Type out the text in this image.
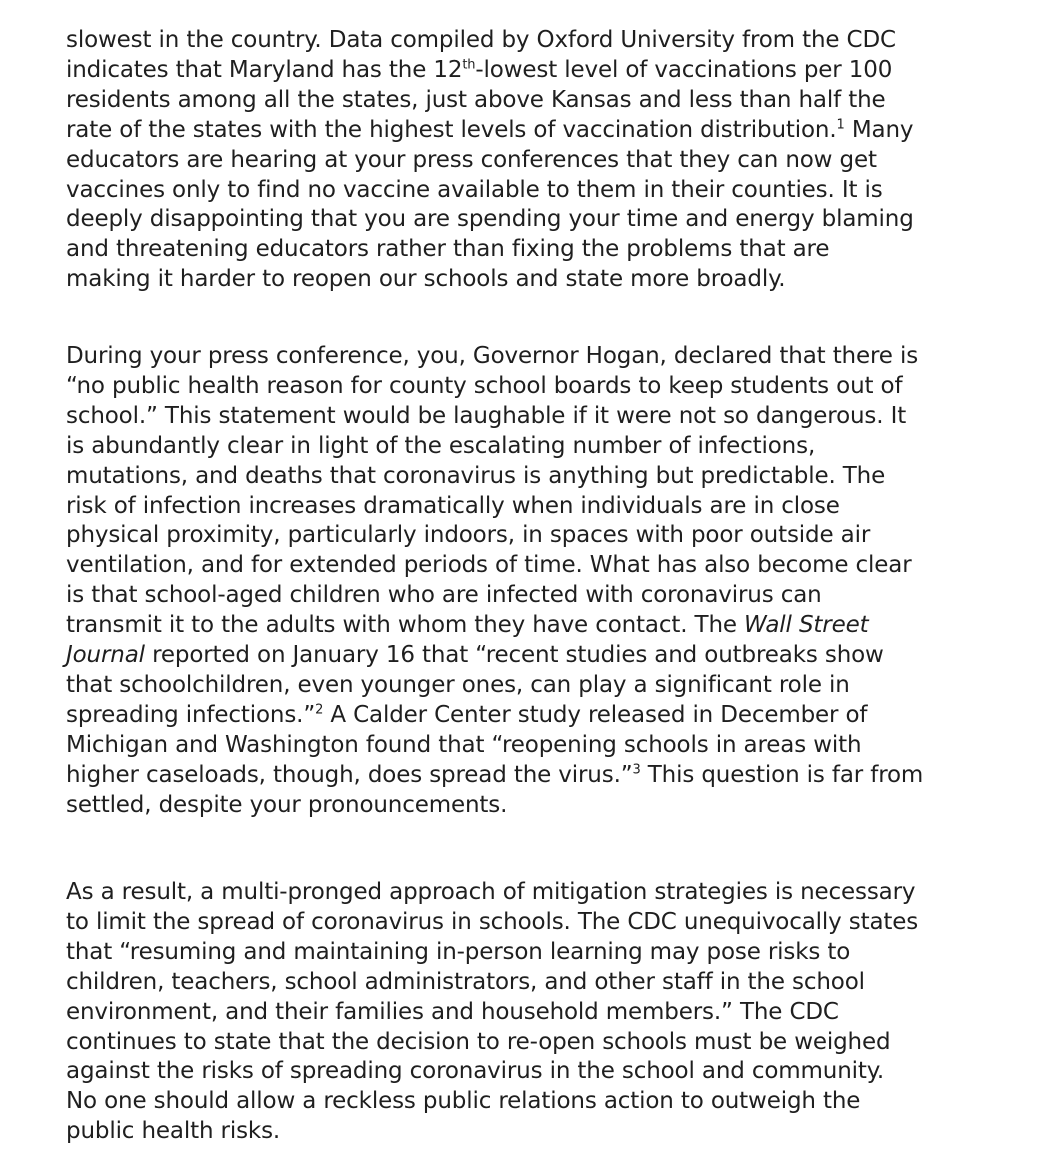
slowest in the country. Data compiled by Oxford University from the CDC
indicates that Maryland has the 12th-lowest level of vaccinations per 100
residents among all the states, just above Kansas and less than half the
rate of the states with the highest levels of vaccination distribution.$^1$ Many
educators are hearing at your press conferences that they can now get
vaccines only to find no vaccine available to them in their counties. It is
deeply disappointing that you are spending your time and energy blaming
and threatening educators rather than fixing the problems that are
making it harder to reopen our schools and state more broadly.

During your press conference, you, Governor Hogan, declared that there is
“no public health reason for county school boards to keep students out of
school.” This statement would be laughable if it were not so dangerous. It
is abundantly clear in light of the escalating number of infections,
mutations, and deaths that coronavirus is anything but predictable. The
risk of infection increases dramatically when individuals are in close
physical proximity, particularly indoors, in spaces with poor outside air
ventilation, and for extended periods of time. What has also become clear
is that school-aged children who are infected with coronavirus can
transmit it to the adults with whom they have contact. The Wall Street
Journal reported on January 16 that “recent studies and outbreaks show
that schoolchildren, even younger ones, can play a significant role in
spreading infections.”$^2$ A Calder Center study released in December of
Michigan and Washington found that “reopening schools in areas with
higher caseloads, though, does spread the virus.”$^3$ This question is far from
settled, despite your pronouncements.

As a result, a multi-pronged approach of mitigation strategies is necessary
to limit the spread of coronavirus in schools. The CDC unequivocally states
that “resuming and maintaining in-person learning may pose risks to
children, teachers, school administrators, and other staff in the school
environment, and their families and household members.” The CDC
continues to state that the decision to re-open schools must be weighed
against the risks of spreading coronavirus in the school and community.
No one should allow a reckless public relations action to outweigh the
public health risks.
